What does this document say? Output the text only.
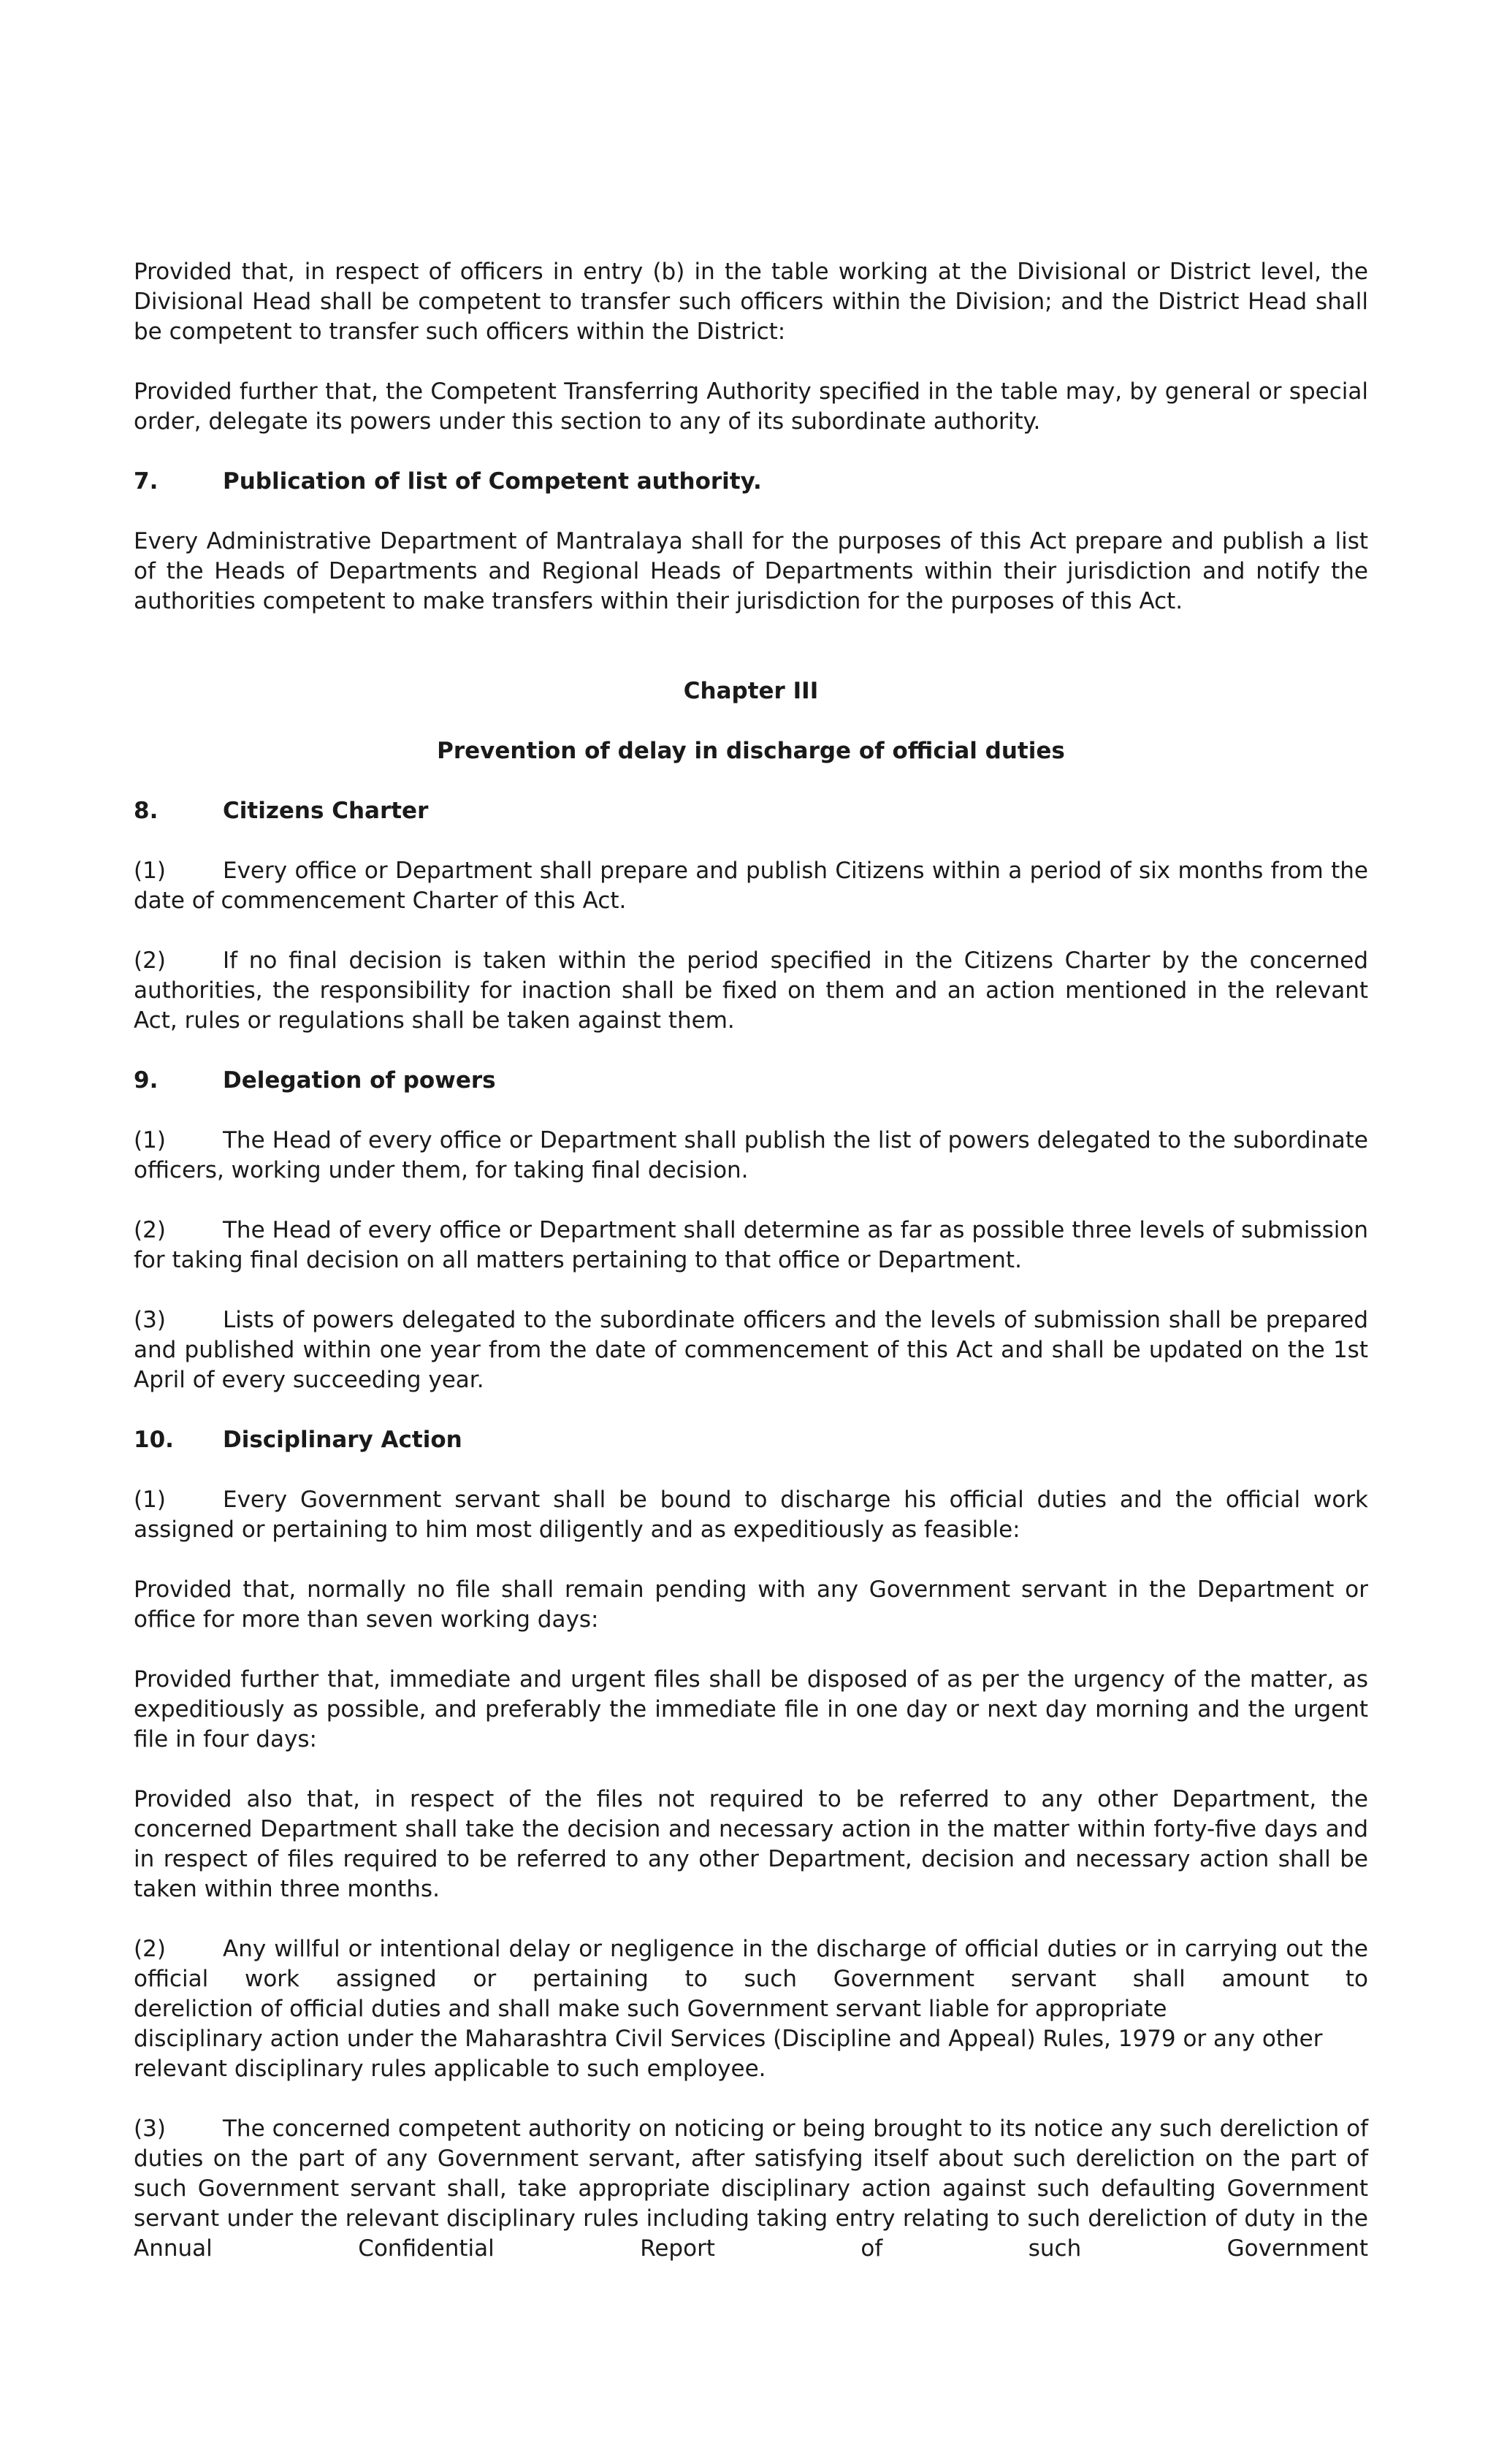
Provided that, in respect of officers in entry (b) in the table working at the Divisional or District level, the Divisional Head shall be competent to transfer such officers within the Division; and the District Head shall be competent to transfer such officers within the District:

Provided further that, the Competent Transferring Authority specified in the table may, by general or special order, delegate its powers under this section to any of its subordinate authority.

7.	Publication of list of Competent authority.

Every Administrative Department of Mantralaya shall for the purposes of this Act prepare and publish a list of the Heads of Departments and Regional Heads of Departments within their jurisdiction and notify the authorities competent to make transfers within their jurisdiction for the purposes of this Act.

Chapter III
Prevention of delay in discharge of official duties
8.	Citizens Charter

(1)	Every office or Department shall prepare and publish Citizens within a period of six months from the date of commencement Charter of this Act.

(2)	If no final decision is taken within the period specified in the Citizens Charter by the concerned authorities, the responsibility for inaction shall be fixed on them and an action mentioned in the relevant Act, rules or regulations shall be taken against them.

9.	Delegation of powers

(1)	The Head of every office or Department shall publish the list of powers delegated to the subordinate officers, working under them, for taking final decision.

(2)	The Head of every office or Department shall determine as far as possible three levels of submission for taking final decision on all matters pertaining to that office or Department.

(3)	Lists of powers delegated to the subordinate officers and the levels of submission shall be prepared and published within one year from the date of commencement of this Act and shall be updated on the 1st April of every succeeding year.

10.	Disciplinary Action

(1)	Every Government servant shall be bound to discharge his official duties and the official work assigned or pertaining to him most diligently and as expeditiously as feasible:

Provided that, normally no file shall remain pending with any Government servant in the Department or office for more than seven working days:

Provided further that, immediate and urgent files shall be disposed of as per the urgency of the matter, as expeditiously as possible, and preferably the immediate file in one day or next day morning and the urgent file in four days:

Provided also that, in respect of the files not required to be referred to any other Department, the concerned Department shall take the decision and necessary action in the matter within forty-five days and in respect of files required to be referred to any other Department, decision and necessary action shall be taken within three months.

(2)	Any willful or intentional delay or negligence in the discharge of official duties or in carrying out the official work assigned or pertaining to such Government servant shall amount to
dereliction of official duties and shall make such Government servant liable for appropriate
disciplinary action under the Maharashtra Civil Services (Discipline and Appeal) Rules, 1979 or any other relevant disciplinary rules applicable to such employee.

(3)	The concerned competent authority on noticing or being brought to its notice any such dereliction of duties on the part of any Government servant, after satisfying itself about such dereliction on the part of such Government servant shall, take appropriate disciplinary action against such defaulting Government servant under the relevant disciplinary rules including taking entry relating to such dereliction of duty in the Annual Confidential Report of such Government
